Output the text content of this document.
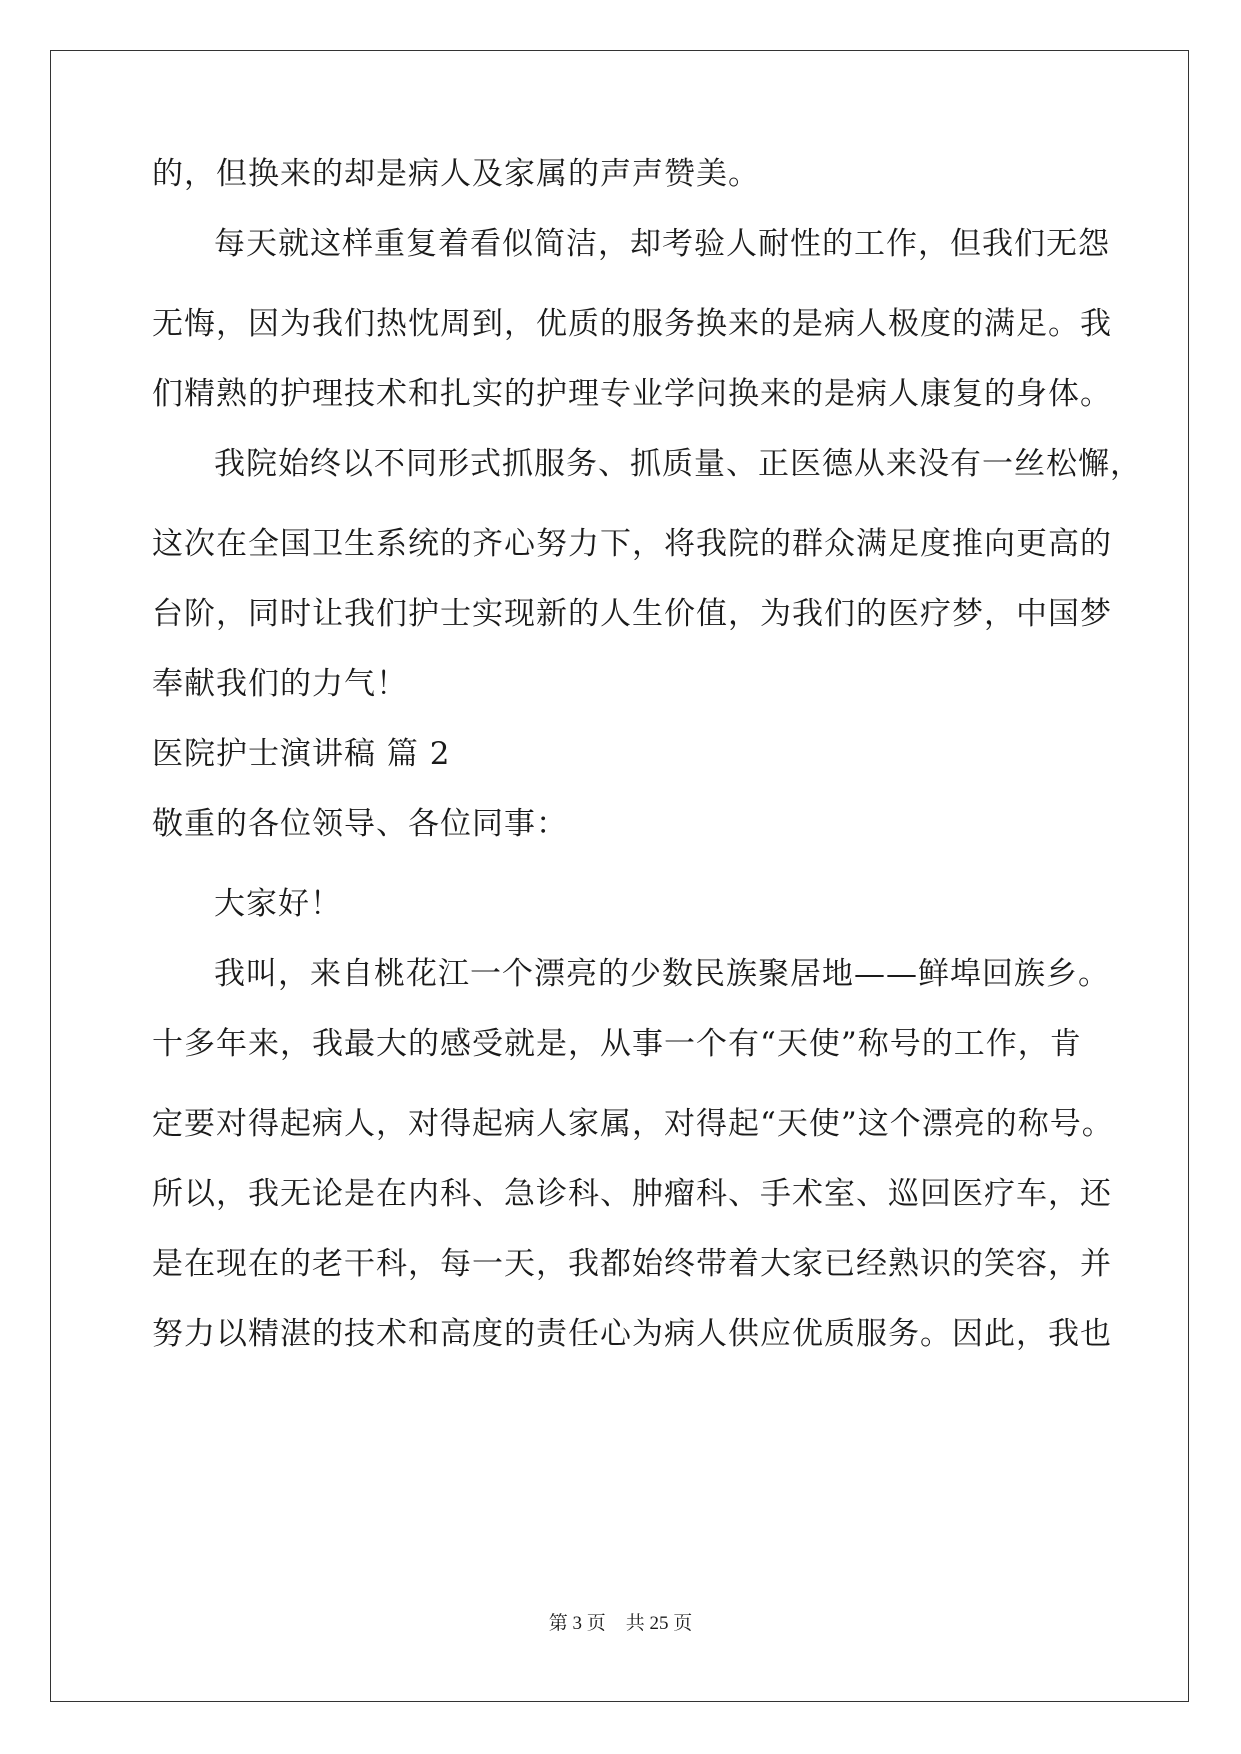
的，但换来的却是病人及家属的声声赞美。
每天就这样重复着看似简洁，却考验人耐性的工作，但我们无怨
无悔，因为我们热忱周到，优质的服务换来的是病人极度的满足。我
们精熟的护理技术和扎实的护理专业学问换来的是病人康复的身体。
我院始终以不同形式抓服务、抓质量、正医德从来没有一丝松懈，
这次在全国卫生系统的齐心努力下，将我院的群众满足度推向更高的
台阶，同时让我们护士实现新的人生价值，为我们的医疗梦，中国梦
奉献我们的力气！
医院护士演讲稿 篇 2
敬重的各位领导、各位同事：
大家好！
我叫，来自桃花江一个漂亮的少数民族聚居地——鲜埠回族乡。
十多年来，我最大的感受就是，从事一个有“天使”称号的工作，肯
定要对得起病人，对得起病人家属，对得起“天使”这个漂亮的称号。
所以，我无论是在内科、急诊科、肿瘤科、手术室、巡回医疗车，还
是在现在的老干科，每一天，我都始终带着大家已经熟识的笑容，并
努力以精湛的技术和高度的责任心为病人供应优质服务。因此，我也
第 3 页 共 25 页
